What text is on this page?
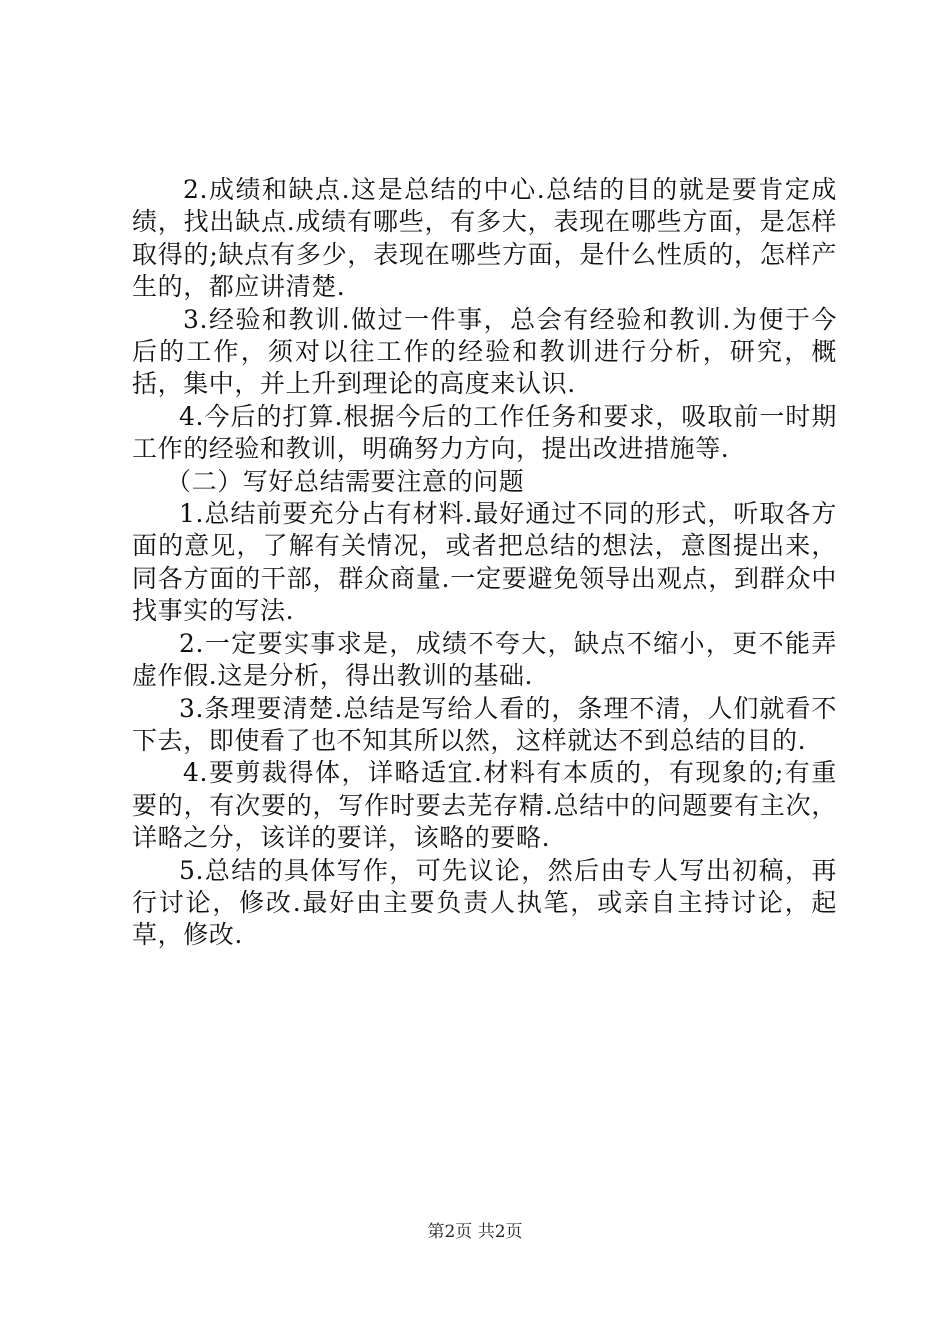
2.成绩和缺点.这是总结的中心.总结的目的就是要肯定成绩，找出缺点.成绩有哪些，有多大，表现在哪些方面，是怎样取得的;缺点有多少，表现在哪些方面，是什么性质的，怎样产生的，都应讲清楚.

3.经验和教训.做过一件事，总会有经验和教训.为便于今后的工作，须对以往工作的经验和教训进行分析，研究，概括，集中，并上升到理论的高度来认识.

4.今后的打算.根据今后的工作任务和要求，吸取前一时期工作的经验和教训，明确努力方向，提出改进措施等.

（二）写好总结需要注意的问题

1.总结前要充分占有材料.最好通过不同的形式，听取各方面的意见，了解有关情况，或者把总结的想法，意图提出来，同各方面的干部，群众商量.一定要避免领导出观点，到群众中找事实的写法.

2.一定要实事求是，成绩不夸大，缺点不缩小，更不能弄虚作假.这是分析，得出教训的基础.

3.条理要清楚.总结是写给人看的，条理不清，人们就看不下去，即使看了也不知其所以然，这样就达不到总结的目的.

4.要剪裁得体，详略适宜.材料有本质的，有现象的;有重要的，有次要的，写作时要去芜存精.总结中的问题要有主次，详略之分，该详的要详，该略的要略.

5.总结的具体写作，可先议论，然后由专人写出初稿，再行讨论，修改.最好由主要负责人执笔，或亲自主持讨论，起草，修改.

第2页 共2页
